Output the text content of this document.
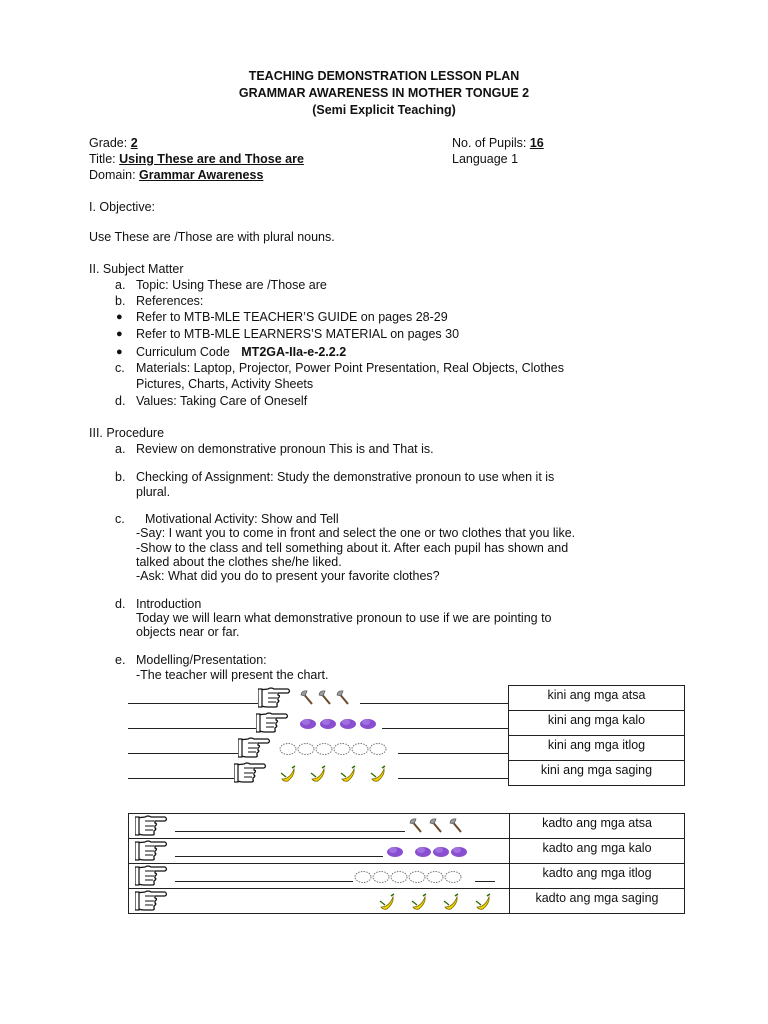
TEACHING DEMONSTRATION LESSON PLAN
GRAMMAR AWARENESS IN MOTHER TONGUE 2
(Semi Explicit Teaching)
Grade: 2
Title: Using These are and Those are
Domain: Grammar Awareness
No. of Pupils: 16
Language 1
I. Objective:
Use These are /Those are with plural nouns.
II. Subject Matter
a. Topic: Using These are /Those are
b. References:
● Refer to MTB-MLE TEACHER’S GUIDE on pages 28-29
● Refer to MTB-MLE LEARNERS’S MATERIAL on pages 30
● Curriculum Code MT2GA-IIa-e-2.2.2
c. Materials: Laptop, Projector, Power Point Presentation, Real Objects, Clothes
Pictures, Charts, Activity Sheets
d. Values: Taking Care of Oneself
III. Procedure
a. Review on demonstrative pronoun This is and That is.
b. Checking of Assignment: Study the demonstrative pronoun to use when it is
plural.
c. Motivational Activity: Show and Tell
-Say: I want you to come in front and select the one or two clothes that you like.
-Show to the class and tell something about it. After each pupil has shown and
talked about the clothes she/he liked.
-Ask: What did you do to present your favorite clothes?
d. Introduction
Today we will learn what demonstrative pronoun to use if we are pointing to
objects near or far.
e. Modelling/Presentation:
-The teacher will present the chart.
	kini ang mga atsa

	kini ang mga kalo

	kini ang mga itlog

	kini ang mga saging
	kadto ang mga atsa

	kadto ang mga kalo

	kadto ang mga itlog

	kadto ang mga saging
